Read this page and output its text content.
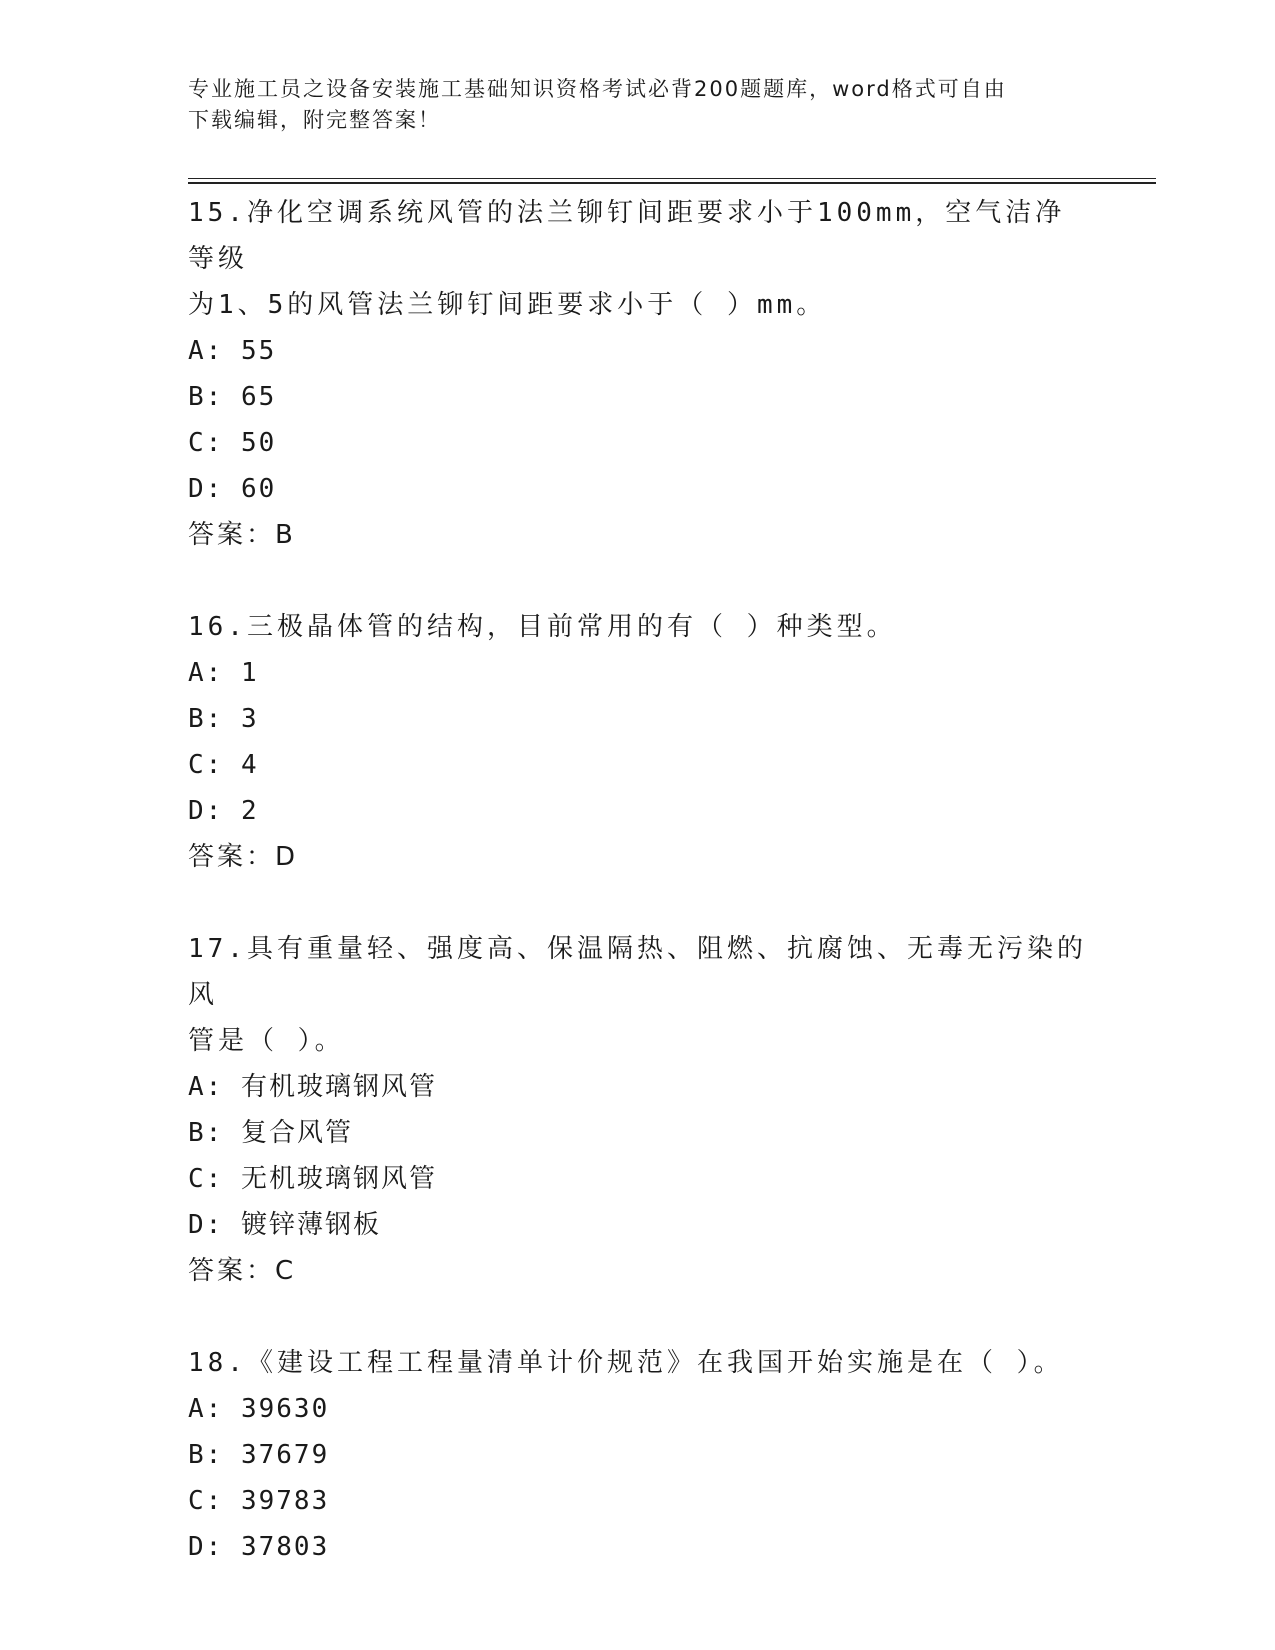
专业施工员之设备安装施工基础知识资格考试必背200题题库，word格式可自由
下载编辑，附完整答案！

15.净化空调系统风管的法兰铆钉间距要求小于100mm，空气洁净等级

为1、5的风管法兰铆钉间距要求小于（ ）mm。

A: 55

B: 65

C: 50

D: 60

答案：B

16.三极晶体管的结构，目前常用的有（ ）种类型。

A: 1

B: 3

C: 4

D: 2

答案：D

17.具有重量轻、强度高、保温隔热、阻燃、抗腐蚀、无毒无污染的风

管是（ ）。

A: 有机玻璃钢风管

B: 复合风管

C: 无机玻璃钢风管

D: 镀锌薄钢板

答案：C

18.《建设工程工程量清单计价规范》在我国开始实施是在（ ）。

A: 39630

B: 37679

C: 39783

D: 37803
